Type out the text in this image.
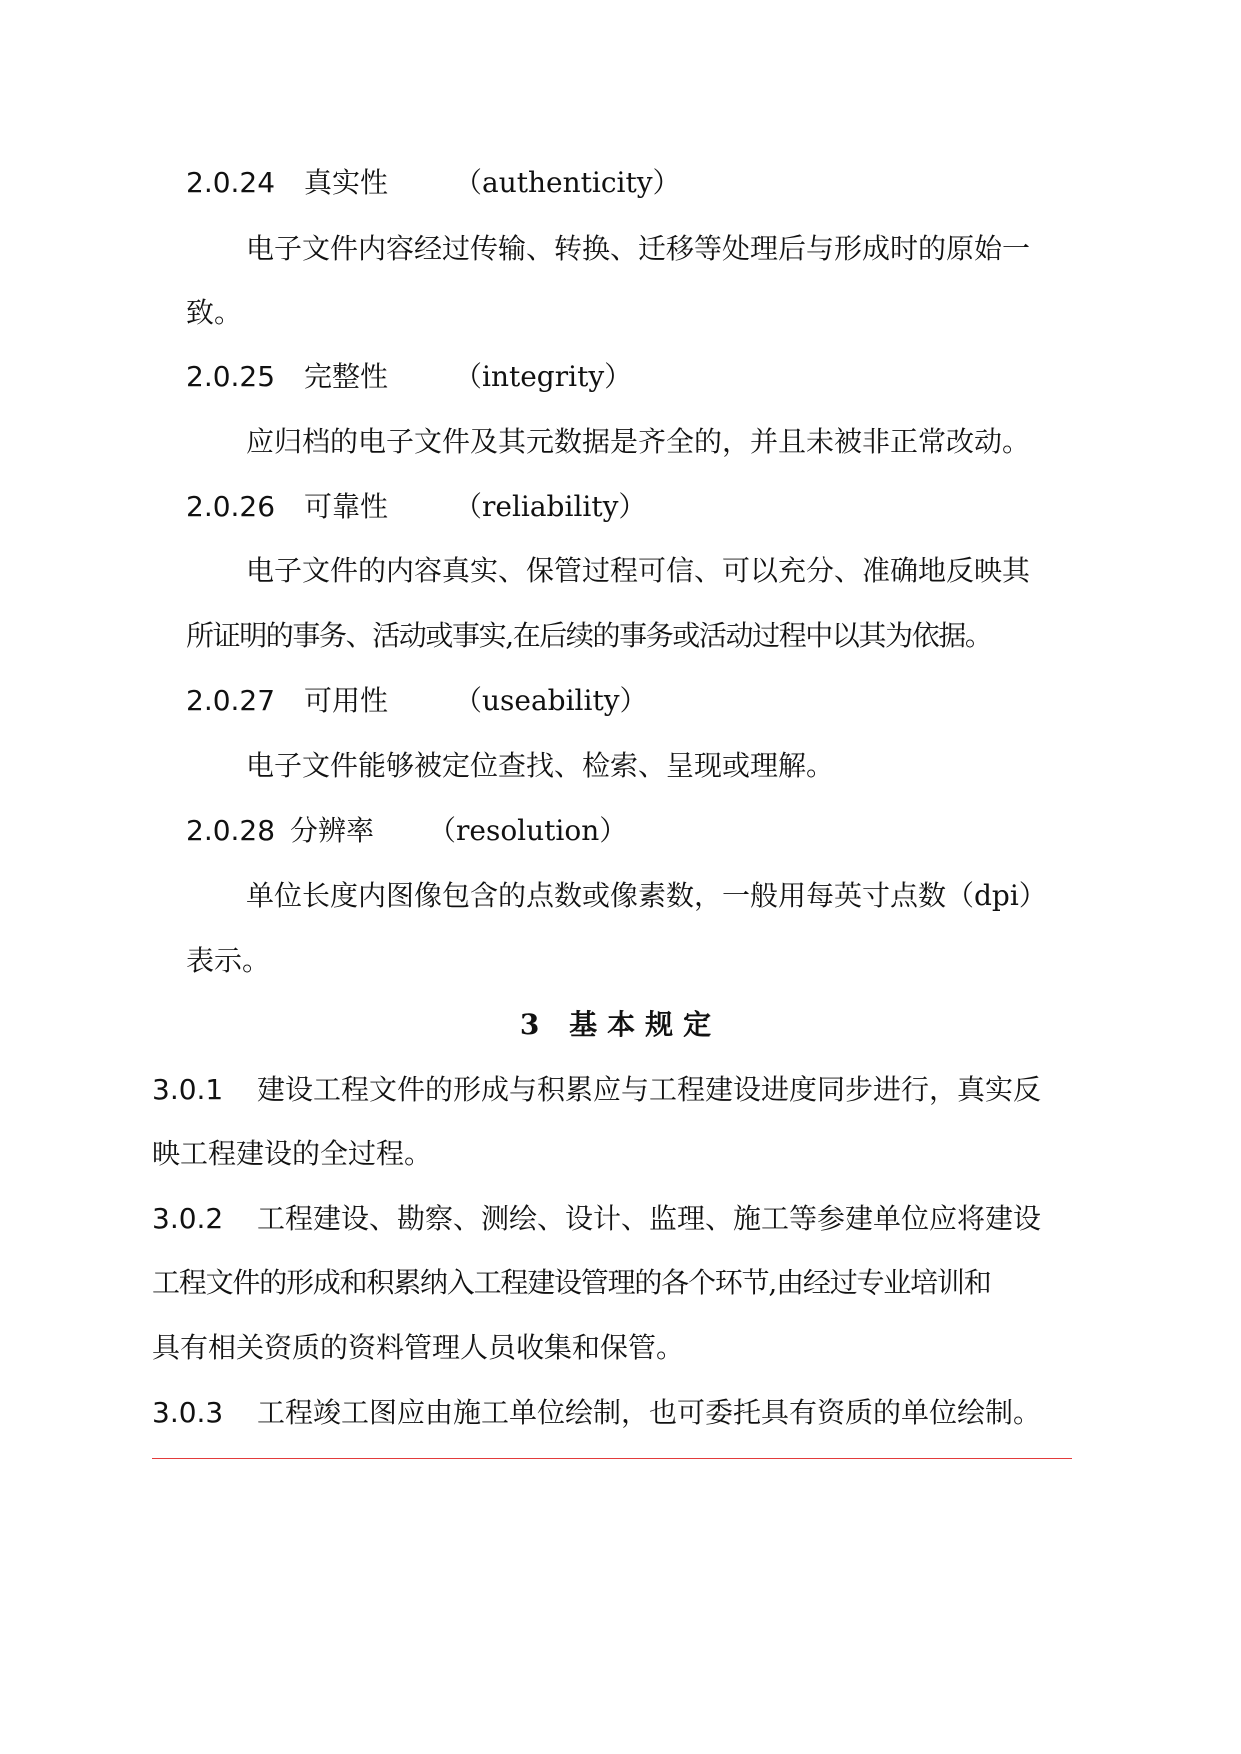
2.0.24 真实性 （authenticity）
电子文件内容经过传输、转换、迁移等处理后与形成时的原始一
致。
2.0.25 完整性 （integrity）
应归档的电子文件及其元数据是齐全的，并且未被非正常改动。
2.0.26 可靠性 （reliability）
电子文件的内容真实、保管过程可信、可以充分、准确地反映其
所证明的事务、活动或事实,在后续的事务或活动过程中以其为依据。
2.0.27 可用性 （useability）
电子文件能够被定位查找、检索、呈现或理解。
2.0.28 分辨率 （resolution）
单位长度内图像包含的点数或像素数，一般用每英寸点数（dpi）
表示。
3 基本规定
3.0.1 建设工程文件的形成与积累应与工程建设进度同步进行，真实反
映工程建设的全过程。
3.0.2 工程建设、勘察、测绘、设计、监理、施工等参建单位应将建设
工程文件的形成和积累纳入工程建设管理的各个环节,由经过专业培训和
具有相关资质的资料管理人员收集和保管。
3.0.3 工程竣工图应由施工单位绘制，也可委托具有资质的单位绘制。
